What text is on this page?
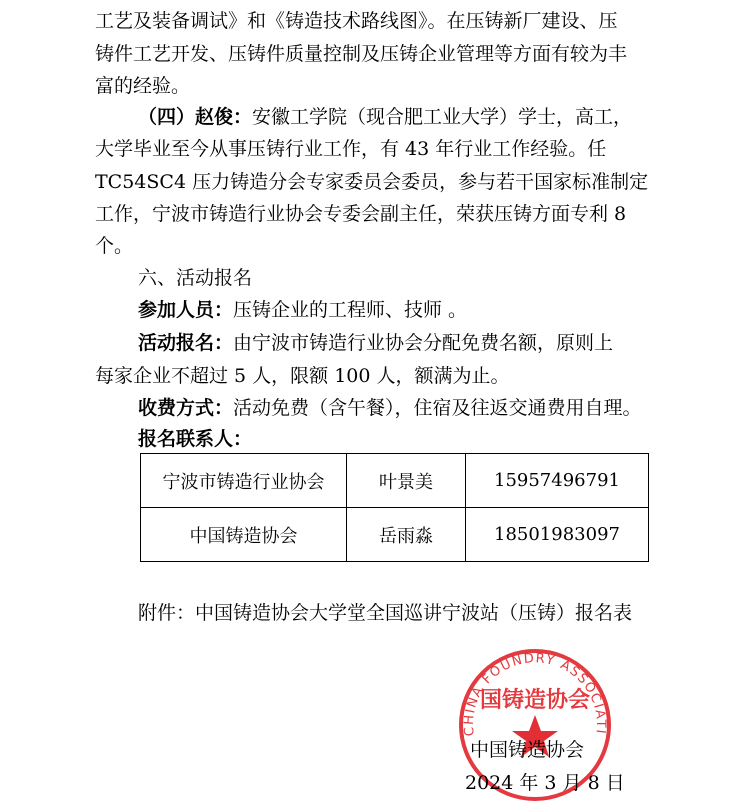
工艺及装备调试》和《铸造技术路线图》。在压铸新厂建设、压
铸件工艺开发、压铸件质量控制及压铸企业管理等方面有较为丰
富的经验。
（四）赵俊：安徽工学院（现合肥工业大学）学士，高工，
大学毕业至今从事压铸行业工作，有 43 年行业工作经验。任
TC54SC4 压力铸造分会专家委员会委员，参与若干国家标准制定
工作，宁波市铸造行业协会专委会副主任，荣获压铸方面专利 8
个。
六、活动报名
参加人员：压铸企业的工程师、技师 。
活动报名：由宁波市铸造行业协会分配免费名额，原则上
每家企业不超过 5 人，限额 100 人，额满为止。
收费方式：活动免费（含午餐），住宿及往返交通费用自理。
报名联系人：
宁波市铸造行业协会	叶景美	15957496791
中国铸造协会	岳雨淼	18501983097
附件：中国铸造协会大学堂全国巡讲宁波站（压铸）报名表
CHINA FOUNDRY ASSOCIATI
国铸造协会
中国铸造协会
2024 年 3 月 8 日
